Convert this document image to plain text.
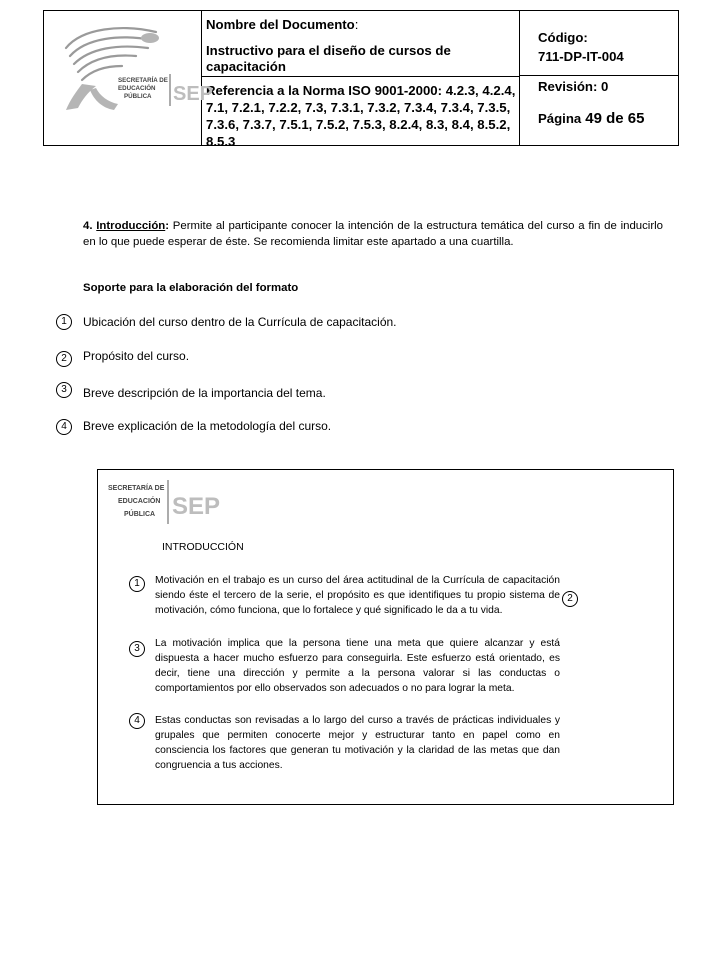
Nombre del Documento:
Instructivo para el diseño de cursos de capacitación
Referencia a la Norma ISO 9001-2000: 4.2.3, 4.2.4, 7.1, 7.2.1, 7.2.2, 7.3, 7.3.1, 7.3.2, 7.3.4, 7.3.4, 7.3.5, 7.3.6, 7.3.7, 7.5.1, 7.5.2, 7.5.3, 8.2.4, 8.3, 8.4, 8.5.2, 8.5.3
Código:
711-DP-IT-004
Revisión: 0
Página 49 de 65
SECRETARÍA DE
EDUCACIÓN
PÚBLICA SEP
4. Introducción: Permite al participante conocer la intención de la estructura temática del curso a fin de inducirlo en lo que puede esperar de éste. Se recomienda limitar este apartado a una cuartilla.
Soporte para la elaboración del formato
1	Ubicación del curso dentro de la Currícula de capacitación.
2	Propósito del curso.
3	Breve descripción de la importancia del tema.
4	Breve explicación de la metodología del curso.
SECRETARÍA DE
EDUCACIÓN
PÚBLICA SEP
INTRODUCCIÓN
1	Motivación en el trabajo es un curso del área actitudinal de la Currícula de capacitación siendo éste el tercero de la serie, el propósito es que identifiques tu propio sistema de motivación, cómo funciona, que lo fortalece y qué significado le da a tu vida.
2
3	La motivación implica que la persona tiene una meta que quiere alcanzar y está dispuesta a hacer mucho esfuerzo para conseguirla. Este esfuerzo está orientado, es decir, tiene una dirección y permite a la persona valorar si las conductas o comportamientos por ello observados son adecuados o no para lograr la meta.
4	Estas conductas son revisadas a lo largo del curso a través de prácticas individuales y grupales que permiten conocerte mejor y estructurar tanto en papel como en consciencia los factores que generan tu motivación y la claridad de las metas que dan congruencia a tus acciones.
